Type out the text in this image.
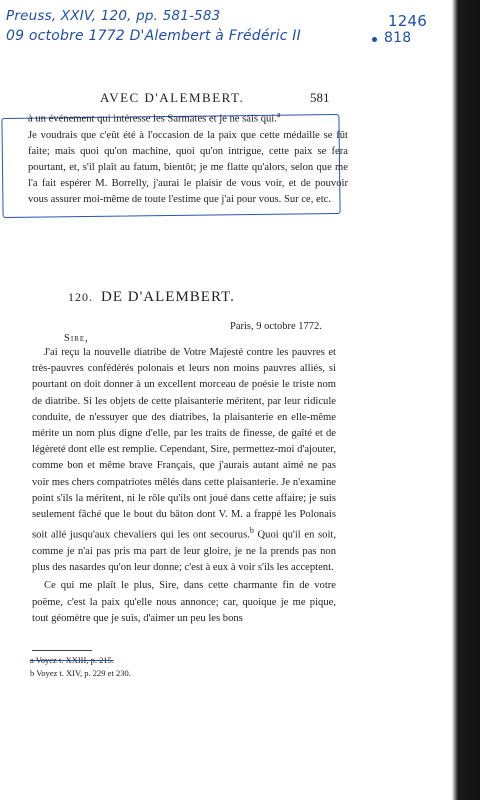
Preuss, XXIV, 120, pp. 581-583
09 octobre 1772 D'Alembert à Frédéric II
1246
818
AVEC D'ALEMBERT.	581

à un événement qui intéresse les Sarmates et je ne sais qui.$^a$

Je voudrais que c'eût été à l'occasion de la paix que cette médaille se fût faite; mais quoi qu'on machine, quoi qu'on intrigue, cette paix se fera pourtant, et, s'il plaît au fatum, bientôt; je me flatte qu'alors, selon que me l'a fait espérer M. Borrelly, j'aurai le plaisir de vous voir, et de pouvoir vous assurer moi-même de toute l'estime que j'ai pour vous. Sur ce, etc.

120. DE D'ALEMBERT.
Paris, 9 octobre 1772.
Sire,

J'ai reçu la nouvelle diatribe de Votre Majesté contre les pauvres et très-pauvres confédérés polonais et leurs non moins pauvres alliés, si pourtant on doit donner à un excellent morceau de poésie le triste nom de diatribe. Si les objets de cette plaisanterie méritent, par leur ridicule conduite, de n'essuyer que des diatribes, la plaisanterie en elle-même mérite un nom plus digne d'elle, par les traits de finesse, de gaîté et de légèreté dont elle est remplie. Cependant, Sire, permettez-moi d'ajouter, comme bon et même brave Français, que j'aurais autant aimé ne pas voir mes chers compatriotes mêlés dans cette plaisanterie. Je n'examine point s'ils la méritent, ni le rôle qu'ils ont joué dans cette affaire; je suis seulement fâché que le bout du bâton dont V. M. a frappé les Polonais soit allé jusqu'aux chevaliers qui les ont secourus.$^b$ Quoi qu'il en soit, comme je n'ai pas pris ma part de leur gloire, je ne la prends pas non plus des nasardes qu'on leur donne; c'est à eux à voir s'ils les acceptent.

Ce qui me plaît le plus, Sire, dans cette charmante fin de votre poëme, c'est la paix qu'elle nous annonce; car, quoique je me pique, tout géomètre que je suis, d'aimer un peu les bons

a Voyez t. XXIII, p. 215.
b Voyez t. XIV, p. 229 et 230.
